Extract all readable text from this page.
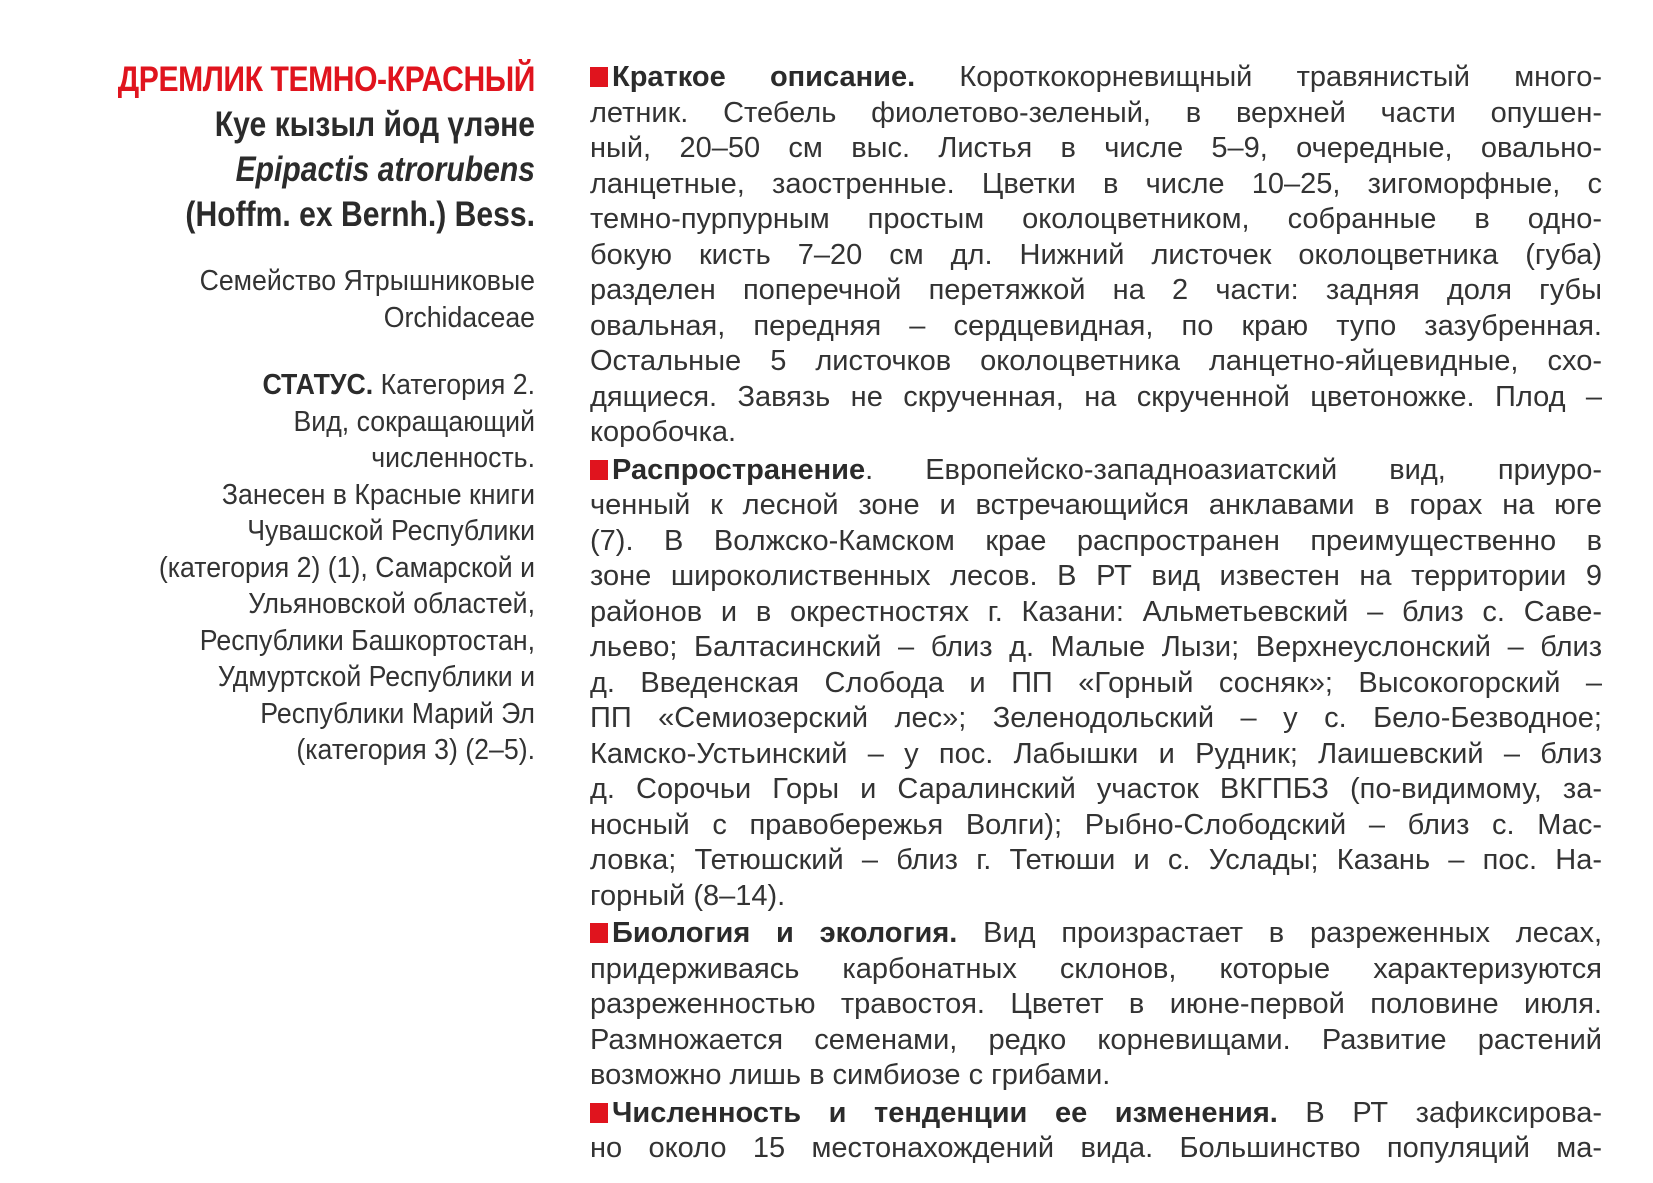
ДРЕМЛИК ТЕМНО-КРАСНЫЙ
Куе кызыл йод үләне
Epipactis atrorubens
(Hoffm. ex Bernh.) Bess.
Семейство Ятрышниковые
Orchidaceae
СТАТУС. Категория 2.
Вид, сокращающий
численность.
Занесен в Красные книги
Чувашской Республики
(категория 2) (1), Самарской и
Ульяновской областей,
Республики Башкортостан,
Удмуртской Республики и
Республики Марий Эл
(категория 3) (2–5).
Краткое описание. Короткокорневищный травянистый много-
летник. Стебель фиолетово-зеленый, в верхней части опушен-
ный, 20–50 см выс. Листья в числе 5–9, очередные, овально-
ланцетные, заостренные. Цветки в числе 10–25, зигоморфные, с
темно-пурпурным простым околоцветником, собранные в одно-
бокую кисть 7–20 см дл. Нижний листочек околоцветника (губа)
разделен поперечной перетяжкой на 2 части: задняя доля губы
овальная, передняя – сердцевидная, по краю тупо зазубренная.
Остальные 5 листочков околоцветника ланцетно-яйцевидные, схо-
дящиеся. Завязь не скрученная, на скрученной цветоножке. Плод –
коробочка.
Распространение. Европейско-западноазиатский вид, приуро-
ченный к лесной зоне и встречающийся анклавами в горах на юге
(7). В Волжско-Камском крае распространен преимущественно в
зоне широколиственных лесов. В РТ вид известен на территории 9
районов и в окрестностях г. Казани: Альметьевский – близ с. Саве-
льево; Балтасинский – близ д. Малые Лызи; Верхнеуслонский – близ
д. Введенская Слобода и ПП «Горный сосняк»; Высокогорский –
ПП «Семиозерский лес»; Зеленодольский – у с. Бело-Безводное;
Камско-Устьинский – у пос. Лабышки и Рудник; Лаишевский – близ
д. Сорочьи Горы и Саралинский участок ВКГПБЗ (по-видимому, за-
носный с правобережья Волги); Рыбно-Слободский – близ с. Мас-
ловка; Тетюшский – близ г. Тетюши и с. Услады; Казань – пос. На-
горный (8–14).
Биология и экология. Вид произрастает в разреженных лесах,
придерживаясь карбонатных склонов, которые характеризуются
разреженностью травостоя. Цветет в июне-первой половине июля.
Размножается семенами, редко корневищами. Развитие растений
возможно лишь в симбиозе с грибами.
Численность и тенденции ее изменения. В РТ зафиксирова-
но около 15 местонахождений вида. Большинство популяций ма-
